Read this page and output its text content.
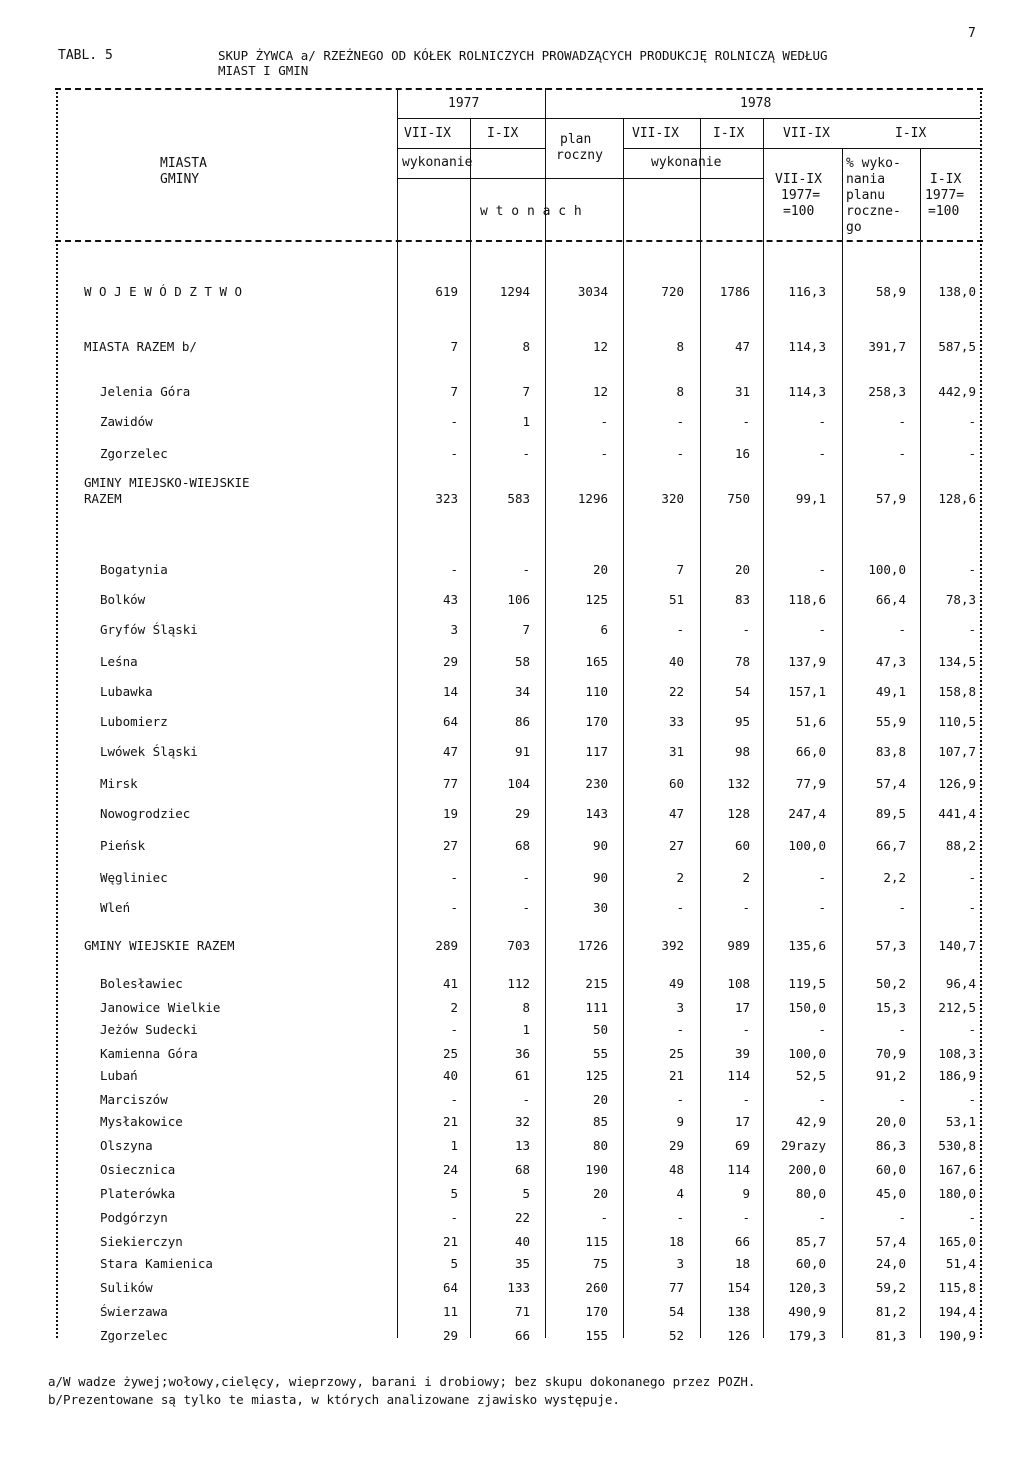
7
TABL. 5	SKUP ŻYWCA a/ RZEŻNEGO OD KÓŁEK ROLNICZYCH PROWADZĄCYCH PRODUKCJĘ ROLNICZĄ WEDŁUG
MIAST I GMIN
MIASTA
GMINY
1977	1978
VII-IX	I-IX	plan
roczny
VII-IX	I-IX	VII-IX	I-IX
wykonanie	wykonanie
w t o n a c h
VII-IX
1977=
=100
% wyko-
nania
planu
roczne-
go
I-IX
1977=
=100
W O J E W Ó D Z T W O	619	1294	3034	720	1786	116,3	58,9	138,0
MIASTA RAZEM b/	7	8	12	8	47	114,3	391,7	587,5
Jelenia Góra	7	7	12	8	31	114,3	258,3	442,9
Zawidów	-	1	-	-	-	-	-	-
Zgorzelec	-	-	-	-	16	-	-	-
GMINY MIEJSKO-WIEJSKIE
RAZEM	323	583	1296	320	750	99,1	57,9	128,6
Bogatynia	-	-	20	7	20	-	100,0	-
Bolków	43	106	125	51	83	118,6	66,4	78,3
Gryfów Śląski	3	7	6	-	-	-	-	-
Leśna	29	58	165	40	78	137,9	47,3	134,5
Lubawka	14	34	110	22	54	157,1	49,1	158,8
Lubomierz	64	86	170	33	95	51,6	55,9	110,5
Lwówek Śląski	47	91	117	31	98	66,0	83,8	107,7
Mirsk	77	104	230	60	132	77,9	57,4	126,9
Nowogrodziec	19	29	143	47	128	247,4	89,5	441,4
Pieńsk	27	68	90	27	60	100,0	66,7	88,2
Węgliniec	-	-	90	2	2	-	2,2	-
Wleń	-	-	30	-	-	-	-	-
GMINY WIEJSKIE RAZEM	289	703	1726	392	989	135,6	57,3	140,7
Bolesławiec	41	112	215	49	108	119,5	50,2	96,4
Janowice Wielkie	2	8	111	3	17	150,0	15,3	212,5
Jeżów Sudecki	-	1	50	-	-	-	-	-
Kamienna Góra	25	36	55	25	39	100,0	70,9	108,3
Lubań	40	61	125	21	114	52,5	91,2	186,9
Marciszów	-	-	20	-	-	-	-	-
Mysłakowice	21	32	85	9	17	42,9	20,0	53,1
Olszyna	1	13	80	29	69	29razy	86,3	530,8
Osiecznica	24	68	190	48	114	200,0	60,0	167,6
Platerówka	5	5	20	4	9	80,0	45,0	180,0
Podgórzyn	-	22	-	-	-	-	-	-
Siekierczyn	21	40	115	18	66	85,7	57,4	165,0
Stara Kamienica	5	35	75	3	18	60,0	24,0	51,4
Sulików	64	133	260	77	154	120,3	59,2	115,8
Świerzawa	11	71	170	54	138	490,9	81,2	194,4
Zgorzelec	29	66	155	52	126	179,3	81,3	190,9
a/W wadze żywej;wołowy,cielęcy, wieprzowy, barani i drobiowy; bez skupu dokonanego przez POZH.
b/Prezentowane są tylko te miasta, w których analizowane zjawisko występuje.
